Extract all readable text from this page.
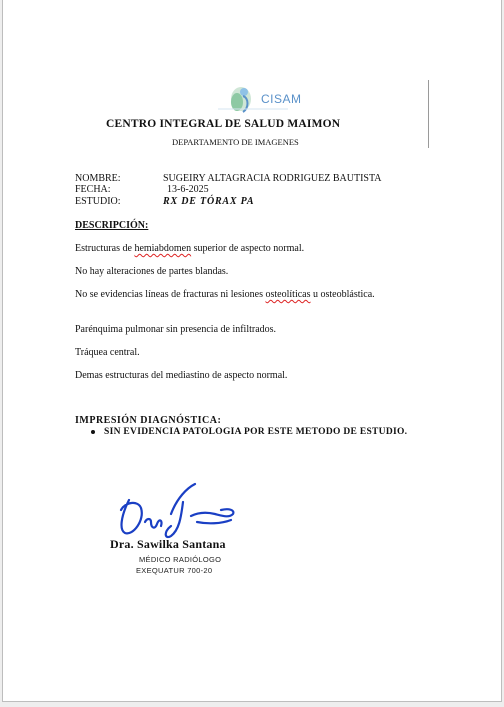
CISAM
CENTRO INTEGRAL DE SALUD MAIMON
DEPARTAMENTO DE IMAGENES
NOMBRE:	SUGEIRY ALTAGRACIA RODRIGUEZ BAUTISTA
FECHA:	13-6-2025
ESTUDIO:	RX DE TÓRAX PA
DESCRIPCIÓN:
Estructuras de hemiabdomen superior de aspecto normal.
No hay alteraciones de partes blandas.
No se evidencias líneas de fracturas ni lesiones osteolíticas u osteoblástica.
Parénquima pulmonar sin presencia de infiltrados.
Tráquea central.
Demas estructuras del mediastino de aspecto normal.
IMPRESIÓN DIAGNÓSTICA:
SIN EVIDENCIA PATOLOGIA POR ESTE METODO DE ESTUDIO.
Dra. Sawilka Santana
MÉDICO RADIÓLOGO
EXEQUATUR 700-20
